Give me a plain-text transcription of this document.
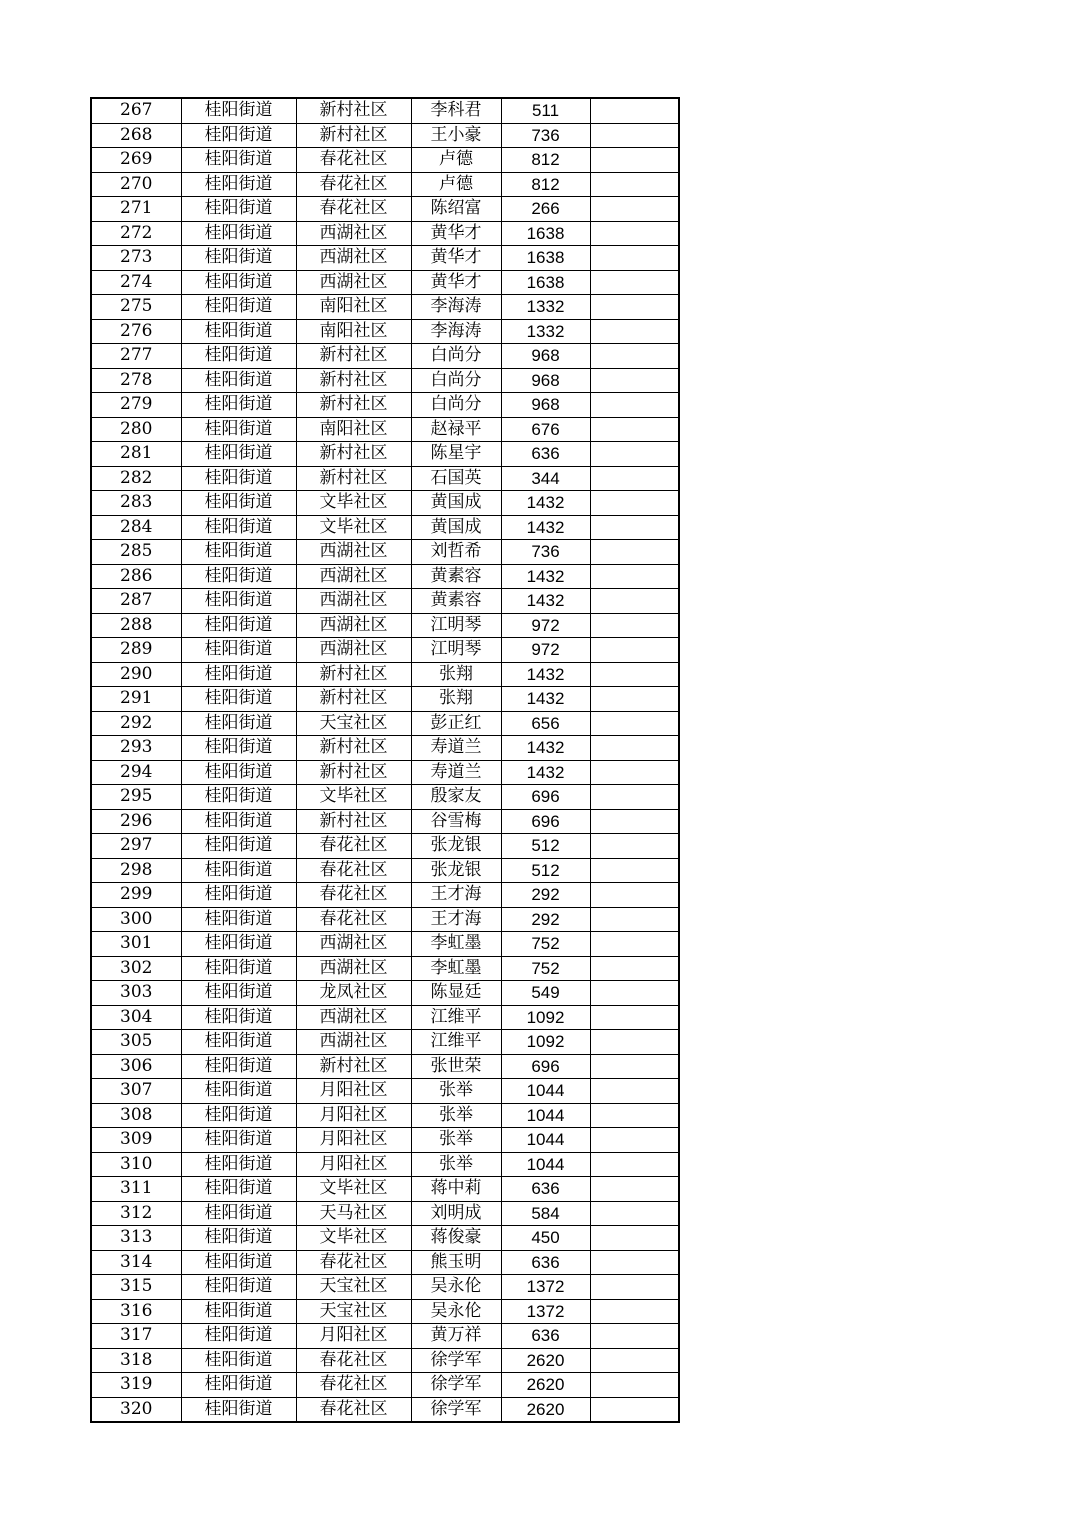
267	桂阳街道	新村社区	李科君	511	
268	桂阳街道	新村社区	王小豪	736	
269	桂阳街道	春花社区	卢德	812	
270	桂阳街道	春花社区	卢德	812	
271	桂阳街道	春花社区	陈绍富	266	
272	桂阳街道	西湖社区	黄华才	1638	
273	桂阳街道	西湖社区	黄华才	1638	
274	桂阳街道	西湖社区	黄华才	1638	
275	桂阳街道	南阳社区	李海涛	1332	
276	桂阳街道	南阳社区	李海涛	1332	
277	桂阳街道	新村社区	白尚分	968	
278	桂阳街道	新村社区	白尚分	968	
279	桂阳街道	新村社区	白尚分	968	
280	桂阳街道	南阳社区	赵禄平	676	
281	桂阳街道	新村社区	陈星宇	636	
282	桂阳街道	新村社区	石国英	344	
283	桂阳街道	文毕社区	黄国成	1432	
284	桂阳街道	文毕社区	黄国成	1432	
285	桂阳街道	西湖社区	刘哲希	736	
286	桂阳街道	西湖社区	黄素容	1432	
287	桂阳街道	西湖社区	黄素容	1432	
288	桂阳街道	西湖社区	江明琴	972	
289	桂阳街道	西湖社区	江明琴	972	
290	桂阳街道	新村社区	张翔	1432	
291	桂阳街道	新村社区	张翔	1432	
292	桂阳街道	天宝社区	彭正红	656	
293	桂阳街道	新村社区	寿道兰	1432	
294	桂阳街道	新村社区	寿道兰	1432	
295	桂阳街道	文毕社区	殷家友	696	
296	桂阳街道	新村社区	谷雪梅	696	
297	桂阳街道	春花社区	张龙银	512	
298	桂阳街道	春花社区	张龙银	512	
299	桂阳街道	春花社区	王才海	292	
300	桂阳街道	春花社区	王才海	292	
301	桂阳街道	西湖社区	李虹墨	752	
302	桂阳街道	西湖社区	李虹墨	752	
303	桂阳街道	龙凤社区	陈显廷	549	
304	桂阳街道	西湖社区	江维平	1092	
305	桂阳街道	西湖社区	江维平	1092	
306	桂阳街道	新村社区	张世荣	696	
307	桂阳街道	月阳社区	张举	1044	
308	桂阳街道	月阳社区	张举	1044	
309	桂阳街道	月阳社区	张举	1044	
310	桂阳街道	月阳社区	张举	1044	
311	桂阳街道	文毕社区	蒋中莉	636	
312	桂阳街道	天马社区	刘明成	584	
313	桂阳街道	文毕社区	蒋俊豪	450	
314	桂阳街道	春花社区	熊玉明	636	
315	桂阳街道	天宝社区	吴永伦	1372	
316	桂阳街道	天宝社区	吴永伦	1372	
317	桂阳街道	月阳社区	黄万祥	636	
318	桂阳街道	春花社区	徐学军	2620	
319	桂阳街道	春花社区	徐学军	2620	
320	桂阳街道	春花社区	徐学军	2620	
